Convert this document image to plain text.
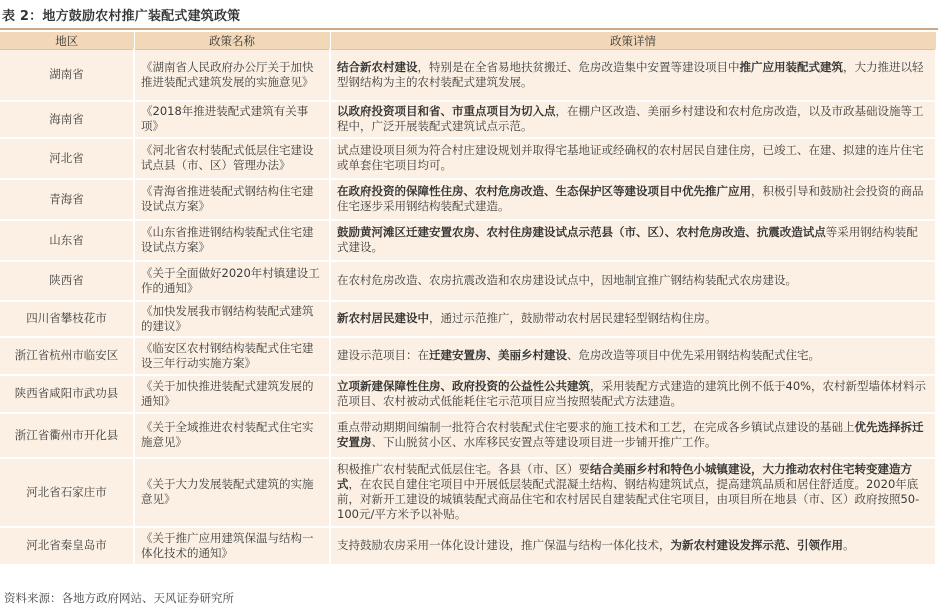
表 2：地方鼓励农村推广装配式建筑政策
地区	政策名称	政策详情
湖南省	《湖南省人民政府办公厅关于加快推进装配式建筑发展的实施意见》	结合新农村建设，特别是在全省易地扶贫搬迁、危房改造集中安置等建设项目中推广应用装配式建筑，大力推进以轻型钢结构为主的农村装配式建筑发展。
海南省	《2018年推进装配式建筑有关事项》	以政府投资项目和省、市重点项目为切入点，在棚户区改造、美丽乡村建设和农村危房改造，以及市政基础设施等工程中，广泛开展装配式建筑试点示范。
河北省	《河北省农村装配式低层住宅建设试点县（市、区）管理办法》	试点建设项目须为符合村庄建设规划并取得宅基地证或经确权的农村居民自建住房，已竣工、在建、拟建的连片住宅或单套住宅项目均可。
青海省	《青海省推进装配式钢结构住宅建设试点方案》	在政府投资的保障性住房、农村危房改造、生态保护区等建设项目中优先推广应用，积极引导和鼓励社会投资的商品住宅逐步采用钢结构装配式建造。
山东省	《山东省推进钢结构装配式住宅建设试点方案》	鼓励黄河滩区迁建安置农房、农村住房建设试点示范县（市、区）、农村危房改造、抗震改造试点等采用钢结构装配式建设。
陕西省	《关于全面做好2020年村镇建设工作的通知》	在农村危房改造、农房抗震改造和农房建设试点中，因地制宜推广钢结构装配式农房建设。
四川省攀枝花市	《加快发展我市钢结构装配式建筑的建议》	新农村居民建设中，通过示范推广，鼓励带动农村居民建轻型钢结构住房。
浙江省杭州市临安区	《临安区农村钢结构装配式住宅建设三年行动实施方案》	建设示范项目：在迁建安置房、美丽乡村建设、危房改造等项目中优先采用钢结构装配式住宅。
陕西省咸阳市武功县	《关于加快推进装配式建筑发展的通知》	立项新建保障性住房、政府投资的公益性公共建筑，采用装配方式建造的建筑比例不低于40%，农村新型墙体材料示范项目、农村被动式低能耗住宅示范项目应当按照装配式方法建造。
浙江省衢州市开化县	《关于全域推进农村装配式住宅实施意见》	重点带动期期间编制一批符合农村装配式住宅要求的施工技术和工艺，在完成各乡镇试点建设的基础上优先选择拆迁安置房、下山脱贫小区、水库移民安置点等建设项目进一步铺开推广工作。
河北省石家庄市	《关于大力发展装配式建筑的实施意见》	积极推广农村装配式低层住宅。各县（市、区）要结合美丽乡村和特色小城镇建设，大力推动农村住宅转变建造方式，在农民自建住宅项目中开展低层装配式混凝土结构、钢结构建筑试点，提高建筑品质和居住舒适度。2020年底前，对新开工建设的城镇装配式商品住宅和农村居民自建装配式住宅项目，由项目所在地县（市、区）政府按照50-100元/平方米予以补贴。
河北省秦皇岛市	《关于推广应用建筑保温与结构一体化技术的通知》	支持鼓励农房采用一体化设计建设，推广保温与结构一体化技术，为新农村建设发挥示范、引领作用。
资料来源：各地方政府网站、天风证券研究所
